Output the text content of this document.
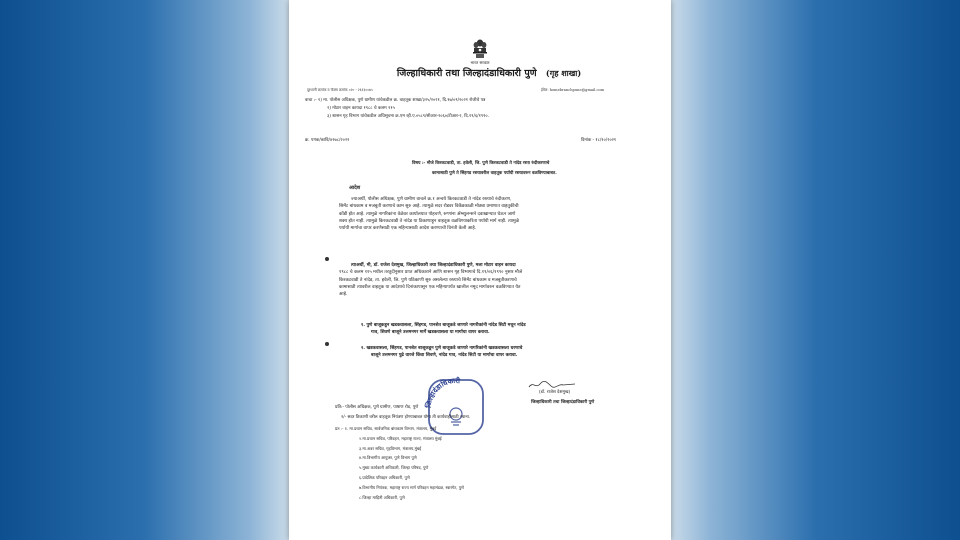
भारत सरकार
जिल्हाधिकारी तथा जिल्हादंडाधिकारी पुणे (गृह शाखा)
दूरध्वनी क्रमांक व फॅक्स क्रमांक ०२० - २६१३००७५	ईमेल: homebranchpune@gmail.com
वाचा :- १) मा. पोलीस अधिक्षक, पुणे ग्रामीण यांचेकडील क्र. वाहतूक शाखा/३२५/२०२१, दि.१७/०९/२०२१ रोजीचे पत्र
२) मोटार वाहन कायदा १९८८ चे कलम ११५
३) शासन गृह विभाग यांचेकडील अधिसूचना क्र.एम व्ही.ए.०५८९/सीआर-२०६०/टीआर-२, दि.१९/६/१९९०.
क्र. पगक/कावि/४२७८/२०२१	दिनांक - १८/१०/२०२१
विषय :- मौजे किरकटवाडी, ता. हवेली, जि. पुणे किरकटवाडी ते नांदेड रस्ता रुंदीकरणाचे
कामासाठी पुणे ते सिंहगड रस्त्यावरील वाहतूक पर्यायी रस्त्यावरुन वळविण्याबाबत.
आदेश
ज्याअर्थी, पोलीस अधिक्षक, पुणे ग्रामीण वाचले क्र.१ अन्वये किरकटवाडी ते नांदेड रस्त्याचे रुंदीकरण,
सिमेंट बांधकाम व मजबुती करणाचे काम सुरु आहे. त्यामुळे सदर रोडवर विकेंडकाळी मोठ्या प्रमाणात वाहतुकीची
कोंडी होत आहे. त्यामुळे नागरिकांना वेळेवर कार्यालयात पोहचणे, रुग्णांना ॲम्ब्युलन्सने दवाखान्यात घेऊन जाणे
शक्य होत नाही. त्यामुळे किरकटवाडी ते नांदेड या ठिकाणाहून वाहतूक वळविण्याकरिता पर्यायी मार्ग नाही. त्यामुळे
पर्यायी मार्गाचा वापर करणेसाठी एक महिन्यासाठी आदेश करण्याची विनंती केली आहे.
त्याअर्थी, मी, डॉ. राजेश देशमुख, जिल्हाधिकारी तथा जिल्हादंडाधिकारी पुणे, मला मोटार वाहन कायदा
१९८८ चे कलम ११५ मधील तरतुदीनुसार प्राप्त अधिकाराने आणि शासन गृह विभागाचे दि.१९/०६/१९९० नुसार मौजे
किरकटवाडी ते नांदेड, ता. हवेली, जि. पुणे यठिकाणी सुरु असलेल्या रस्त्याचे सिमेंट बांधकाम व मजबुतीकरणाचे
कामासाठी त्यावरील वाहतूक या आदेशाचे दिनांकापासून एक महिन्यापर्यंत खालील नमूद मार्गावरुन वळविण्यात येत
आहे.
१. पुणे बाजूकडून खडकवासला, सिंहगड, पानशेत बाजूकडे जाणारे नागरीकांनी नांदेड सिटी मधून नांदेड
गाव, शिवणे बाजूने उत्तमनगर मार्गे खडकवासला या मार्गाचा वापर करावा.
२. खडकवासला, सिंहगड, पानशेत बाजूकडून पुणे बाजूकडे जाणारे नागरिकांनी खडकवासला धरणाचे
बाजूने उत्तमनगर पुढे वारजे किंवा शिवणे, नांदेड गाव, नांदेड सिटी या मार्गाचा वापर करावा.
(डॉ. राजेश देशमुख)
जिल्हाधिकारी तथा जिल्हादंडाधिकारी पुणे
जिल्हादंडाधिकारी
प्रति:- पोलीस अधिक्षक, पुणे ग्रामीण, पाषाण रोड, पुणे
२/- सदर ठिकाणी वरील वाहतूक नियंत्रण होण्याबाबत योग्य ती कार्यवाहीसाठी रवाना.
प्रत :- १. मा.प्रधान सचिव, सार्वजनिक बांधकाम विभाग, मंत्रालय, मुंबई
२.मा.प्रधान सचिव, परिवहन, महाराष्ट्र राज्य, मंत्रालय मुंबई
३.मा.अवर सचिव, गृहविभाग, मंत्रालय,मुंबई
४.मा.विभागीय आयुक्त, पुणे विभाग पुणे
५.मुख्य कार्यकारी अधिकारी, जिल्हा परिषद, पुणे
६.प्रादेशिक परिवहन अधिकारी, पुणे
७.विभागीय नियंत्रक, महाराष्ट्र राज्य मार्ग परिवहन महामंडळ, स्वारगेट, पुणे
८.जिल्हा माहिती अधिकारी, पुणे
